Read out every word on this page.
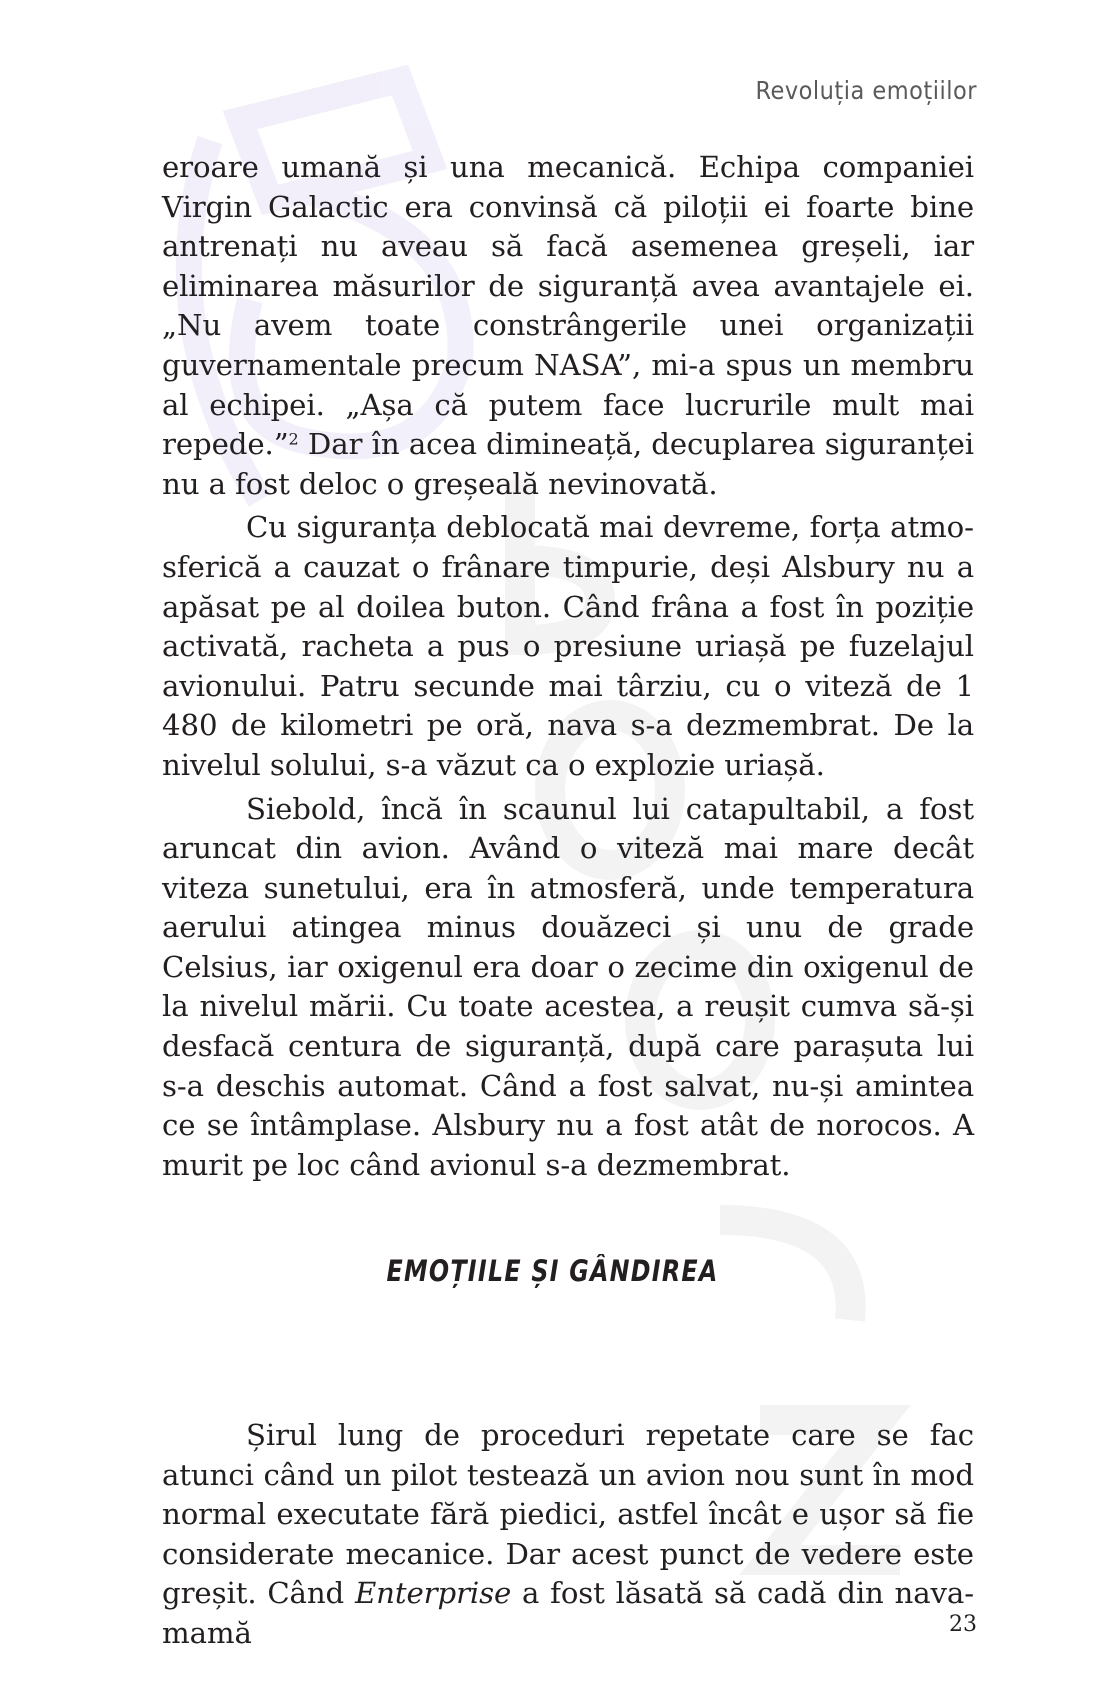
Revoluția emoțiilor

eroare umană și una mecanică. Echipa companiei Virgin Galactic era convinsă că piloții ei foarte bine antrenați nu aveau să facă asemenea greșeli, iar eliminarea măsurilor de siguranță avea avantajele ei. „Nu avem toate constrângerile unei organizații guvernamentale precum NASA”, mi-a spus un membru al echipei. „Așa că putem face lucrurile mult mai repede.”$^2$ Dar în acea dimineață, decuplarea siguranței nu a fost deloc o greșeală nevinovată.

Cu siguranța deblocată mai devreme, forța atmosferică a cauzat o frânare timpurie, deși Alsbury nu a apăsat pe al doilea buton. Când frâna a fost în poziție activată, racheta a pus o presiune uriașă pe fuzelajul avionului. Patru secunde mai târziu, cu o viteză de 1 480 de kilometri pe oră, nava s-a dezmembrat. De la nivelul solului, s-a văzut ca o explozie uriașă.

Siebold, încă în scaunul lui catapultabil, a fost aruncat din avion. Având o viteză mai mare decât viteza sunetului, era în atmosferă, unde temperatura aerului atingea minus douăzeci și unu de grade Celsius, iar oxigenul era doar o zecime din oxigenul de la nivelul mării. Cu toate acestea, a reușit cumva să-și desfacă centura de siguranță, după care parașuta lui s-a deschis automat. Când a fost salvat, nu-și amintea ce se întâmplase. Alsbury nu a fost atât de norocos. A murit pe loc când avionul s-a dezmembrat.

EMOȚIILE ȘI GÂNDIREA

Șirul lung de proceduri repetate care se fac atunci când un pilot testează un avion nou sunt în mod normal executate fără piedici, astfel încât e ușor să fie considerate mecanice. Dar acest punct de vedere este greșit. Când Enterprise a fost lăsată să cadă din nava-mamă	23
